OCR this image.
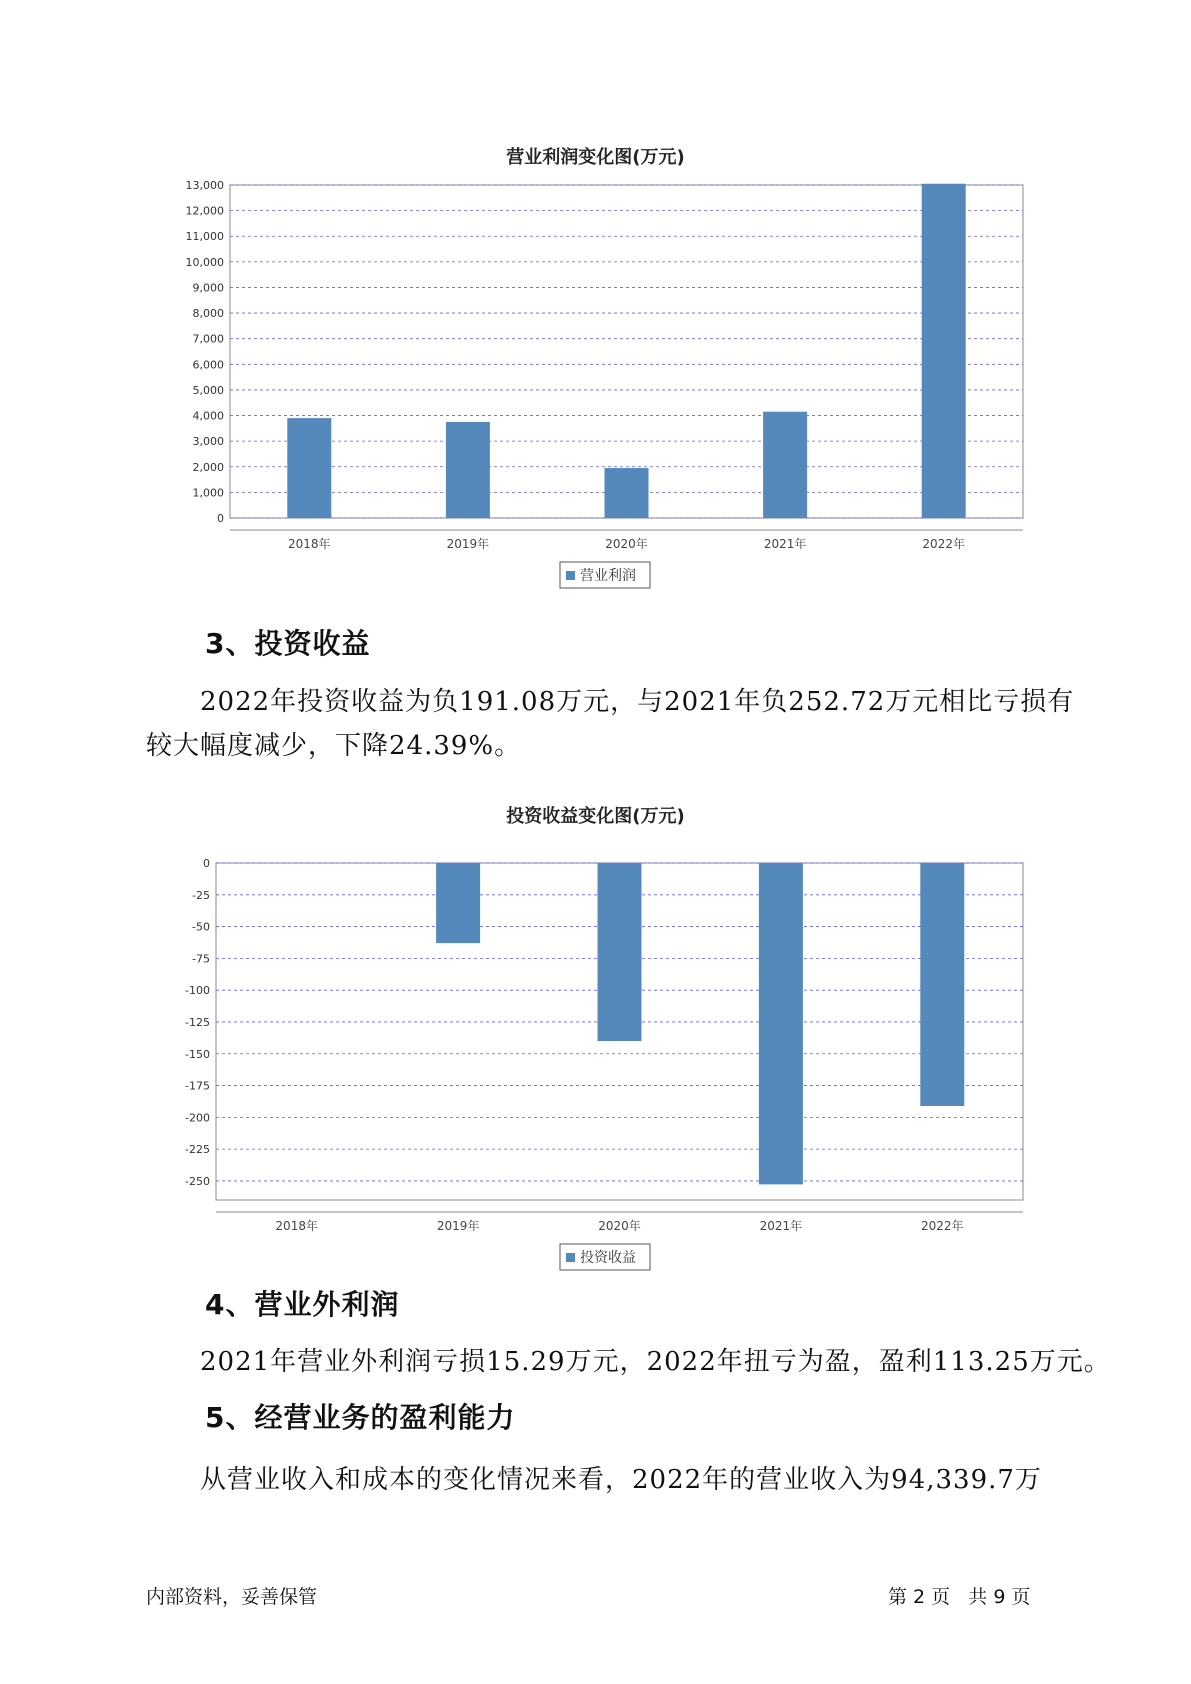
营业利润变化图(万元)
0
1,000
2,000
3,000
4,000
5,000
6,000
7,000
8,000
9,000
10,000
11,000
12,000
13,000
2018年	2019年	2020年	2021年	2022年
营业利润
3、投资收益

2022年投资收益为负191.08万元，与2021年负252.72万元相比亏损有

较大幅度减少，下降24.39%。

投资收益变化图(万元)
0
-25
-50
-75
-100
-125
-150
-175
-200
-225
-250
2018年	2019年	2020年	2021年	2022年
投资收益
4、营业外利润

2021年营业外利润亏损15.29万元，2022年扭亏为盈，盈利113.25万元。

5、经营业务的盈利能力

从营业收入和成本的变化情况来看，2022年的营业收入为94,339.7万

内部资料，妥善保管	第 2 页   共 9 页
